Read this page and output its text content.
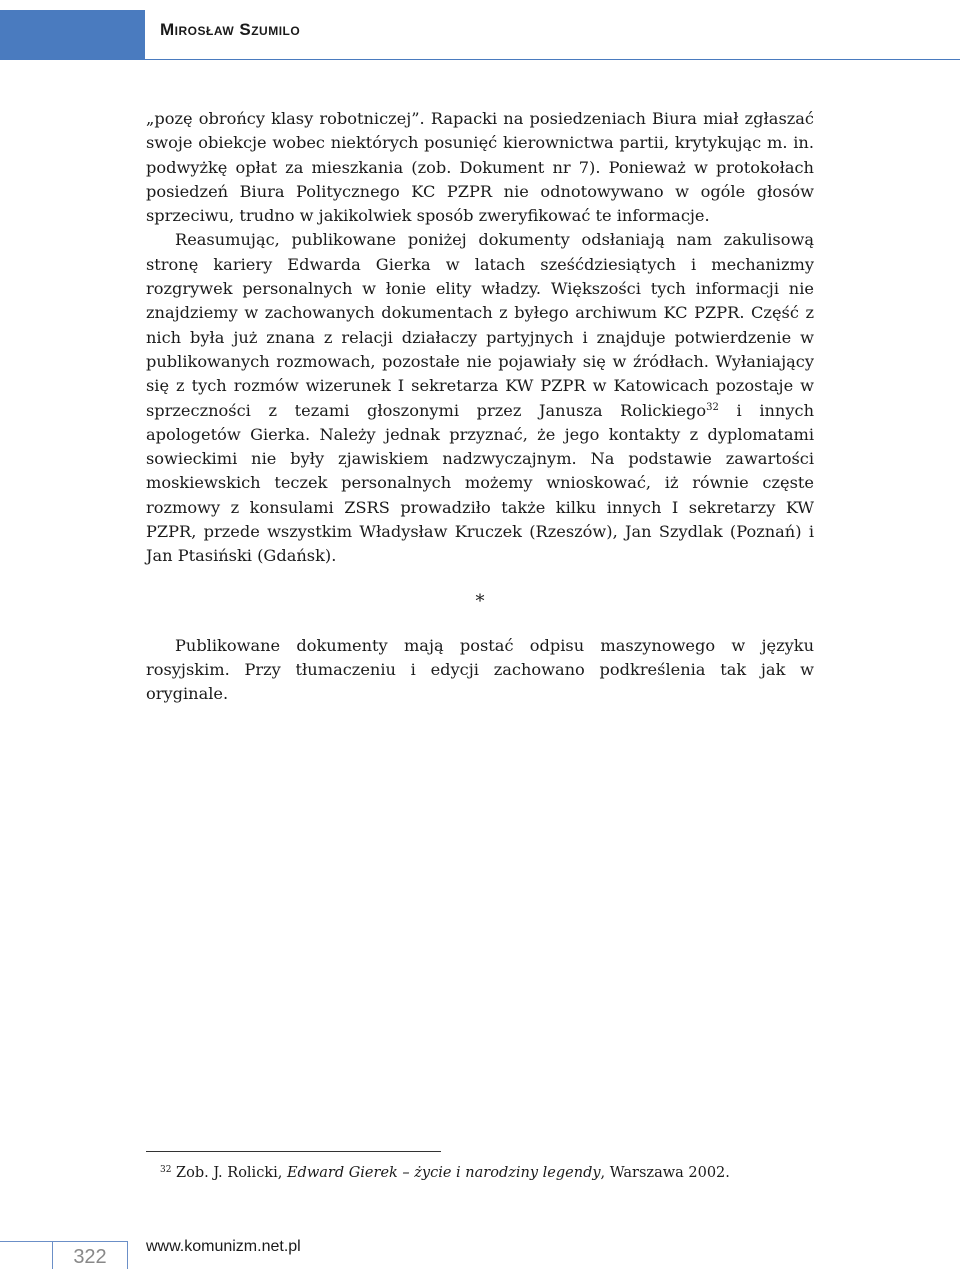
Mirosław Szumilo

„pozę obrońcy klasy robotniczej”. Rapacki na posiedzeniach Biura miał zgłaszać swoje obiekcje wobec niektórych posunięć kierownictwa partii, krytykując m. in. podwyżkę opłat za mieszkania (zob. Dokument nr 7). Ponieważ w protokołach posiedzeń Biura Politycznego KC PZPR nie odnotowywano w ogóle głosów sprzeciwu, trudno w jakikolwiek sposób zweryfikować te informacje.

Reasumując, publikowane poniżej dokumenty odsłaniają nam zakulisową stronę kariery Edwarda Gierka w latach sześćdziesiątych i mechanizmy rozgrywek personalnych w łonie elity władzy. Większości tych informacji nie znajdziemy w zachowanych dokumentach z byłego archiwum KC PZPR. Część z nich była już znana z relacji działaczy partyjnych i znajduje potwierdzenie w publikowanych rozmowach, pozostałe nie pojawiały się w źródłach. Wyłaniający się z tych rozmów wizerunek I sekretarza KW PZPR w Katowicach pozostaje w sprzeczności z tezami głoszonymi przez Janusza Rolickiego$^{32}$ i innych apologetów Gierka. Należy jednak przyznać, że jego kontakty z dyplomatami sowieckimi nie były zjawiskiem nadzwyczajnym. Na podstawie zawartości moskiewskich teczek personalnych możemy wnioskować, iż równie częste rozmowy z konsulami ZSRS prowadziło także kilku innych I sekretarzy KW PZPR, przede wszystkim Władysław Kruczek (Rzeszów), Jan Szydlak (Poznań) i Jan Ptasiński (Gdańsk).

*

Publikowane dokumenty mają postać odpisu maszynowego w języku rosyjskim. Przy tłumaczeniu i edycji zachowano podkreślenia tak jak w oryginale.

$^{32}$ Zob. J. Rolicki, Edward Gierek – życie i narodziny legendy, Warszawa 2002.
322	www.komunizm.net.pl
